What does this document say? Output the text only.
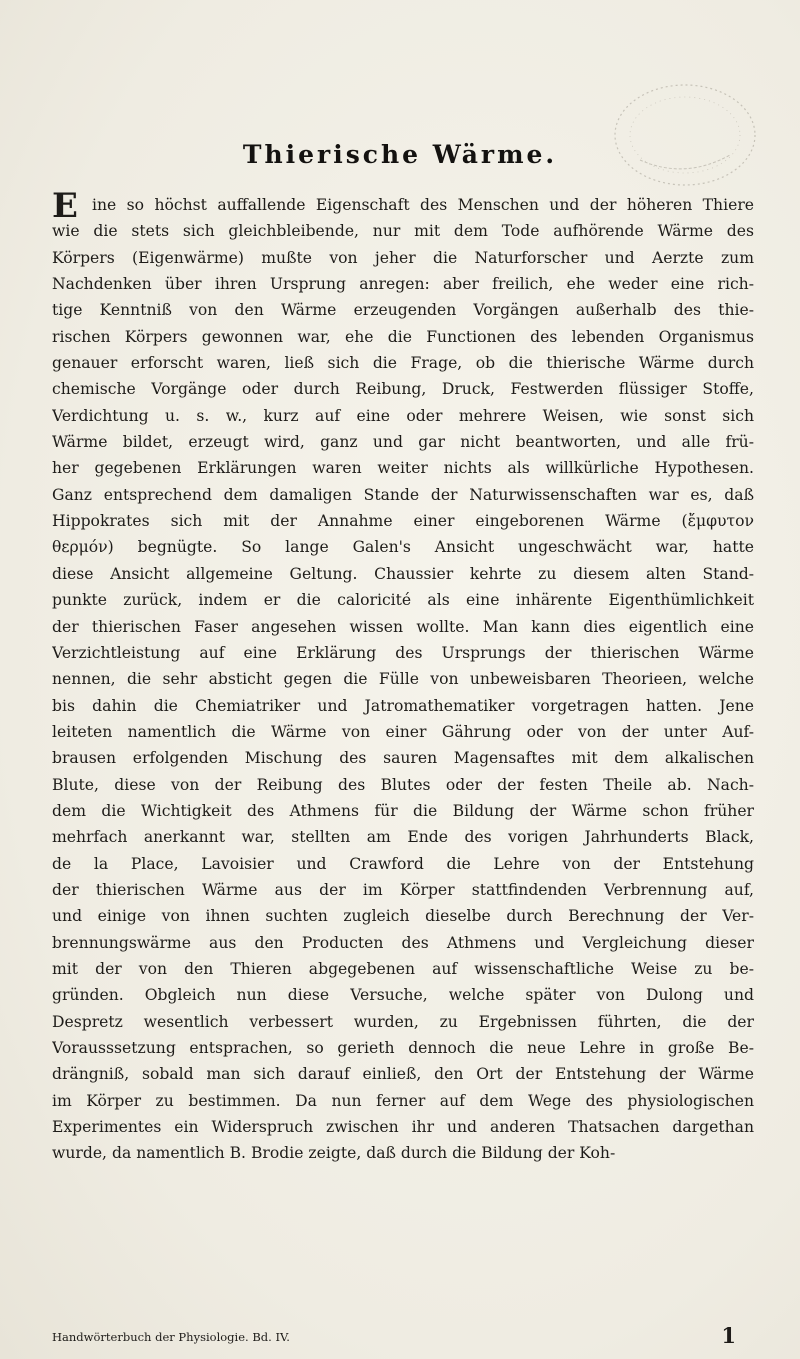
Thierische Wärme.
E ine so höchst auffallende Eigenschaft des Menschen und der höheren Thiere
wie die stets sich gleichbleibende, nur mit dem Tode aufhörende Wärme des
Körpers (Eigenwärme) mußte von jeher die Naturforscher und Aerzte zum
Nachdenken über ihren Ursprung anregen: aber freilich, ehe weder eine rich-
tige Kenntniß von den Wärme erzeugenden Vorgängen außerhalb des thie-
rischen Körpers gewonnen war, ehe die Functionen des lebenden Organismus
genauer erforscht waren, ließ sich die Frage, ob die thierische Wärme durch
chemische Vorgänge oder durch Reibung, Druck, Festwerden flüssiger Stoffe,
Verdichtung u. s. w., kurz auf eine oder mehrere Weisen, wie sonst sich
Wärme bildet, erzeugt wird, ganz und gar nicht beantworten, und alle frü-
her gegebenen Erklärungen waren weiter nichts als willkürliche Hypothesen.
Ganz entsprechend dem damaligen Stande der Naturwissenschaften war es, daß
Hippokrates sich mit der Annahme einer eingeborenen Wärme (ἔμφυτον
θερμόν) begnügte. So lange Galen's Ansicht ungeschwächt war, hatte
diese Ansicht allgemeine Geltung. Chaussier kehrte zu diesem alten Stand-
punkte zurück, indem er die caloricité als eine inhärente Eigenthümlichkeit
der thierischen Faser angesehen wissen wollte. Man kann dies eigentlich eine
Verzichtleistung auf eine Erklärung des Ursprungs der thierischen Wärme
nennen, die sehr absticht gegen die Fülle von unbeweisbaren Theorieen, welche
bis dahin die Chemiatriker und Jatromathematiker vorgetragen hatten. Jene
leiteten namentlich die Wärme von einer Gährung oder von der unter Auf-
brausen erfolgenden Mischung des sauren Magensaftes mit dem alkalischen
Blute, diese von der Reibung des Blutes oder der festen Theile ab. Nach-
dem die Wichtigkeit des Athmens für die Bildung der Wärme schon früher
mehrfach anerkannt war, stellten am Ende des vorigen Jahrhunderts Black,
de la Place, Lavoisier und Crawford die Lehre von der Entstehung
der thierischen Wärme aus der im Körper stattfindenden Verbrennung auf,
und einige von ihnen suchten zugleich dieselbe durch Berechnung der Ver-
brennungswärme aus den Producten des Athmens und Vergleichung dieser
mit der von den Thieren abgegebenen auf wissenschaftliche Weise zu be-
gründen. Obgleich nun diese Versuche, welche später von Dulong und
Despretz wesentlich verbessert wurden, zu Ergebnissen führten, die der
Vorausssetzung entsprachen, so gerieth dennoch die neue Lehre in große Be-
drängniß, sobald man sich darauf einließ, den Ort der Entstehung der Wärme
im Körper zu bestimmen. Da nun ferner auf dem Wege des physiologischen
Experimentes ein Widerspruch zwischen ihr und anderen Thatsachen dargethan
wurde, da namentlich B. Brodie zeigte, daß durch die Bildung der Koh-
Handwörterbuch der Physiologie. Bd. IV.	1
